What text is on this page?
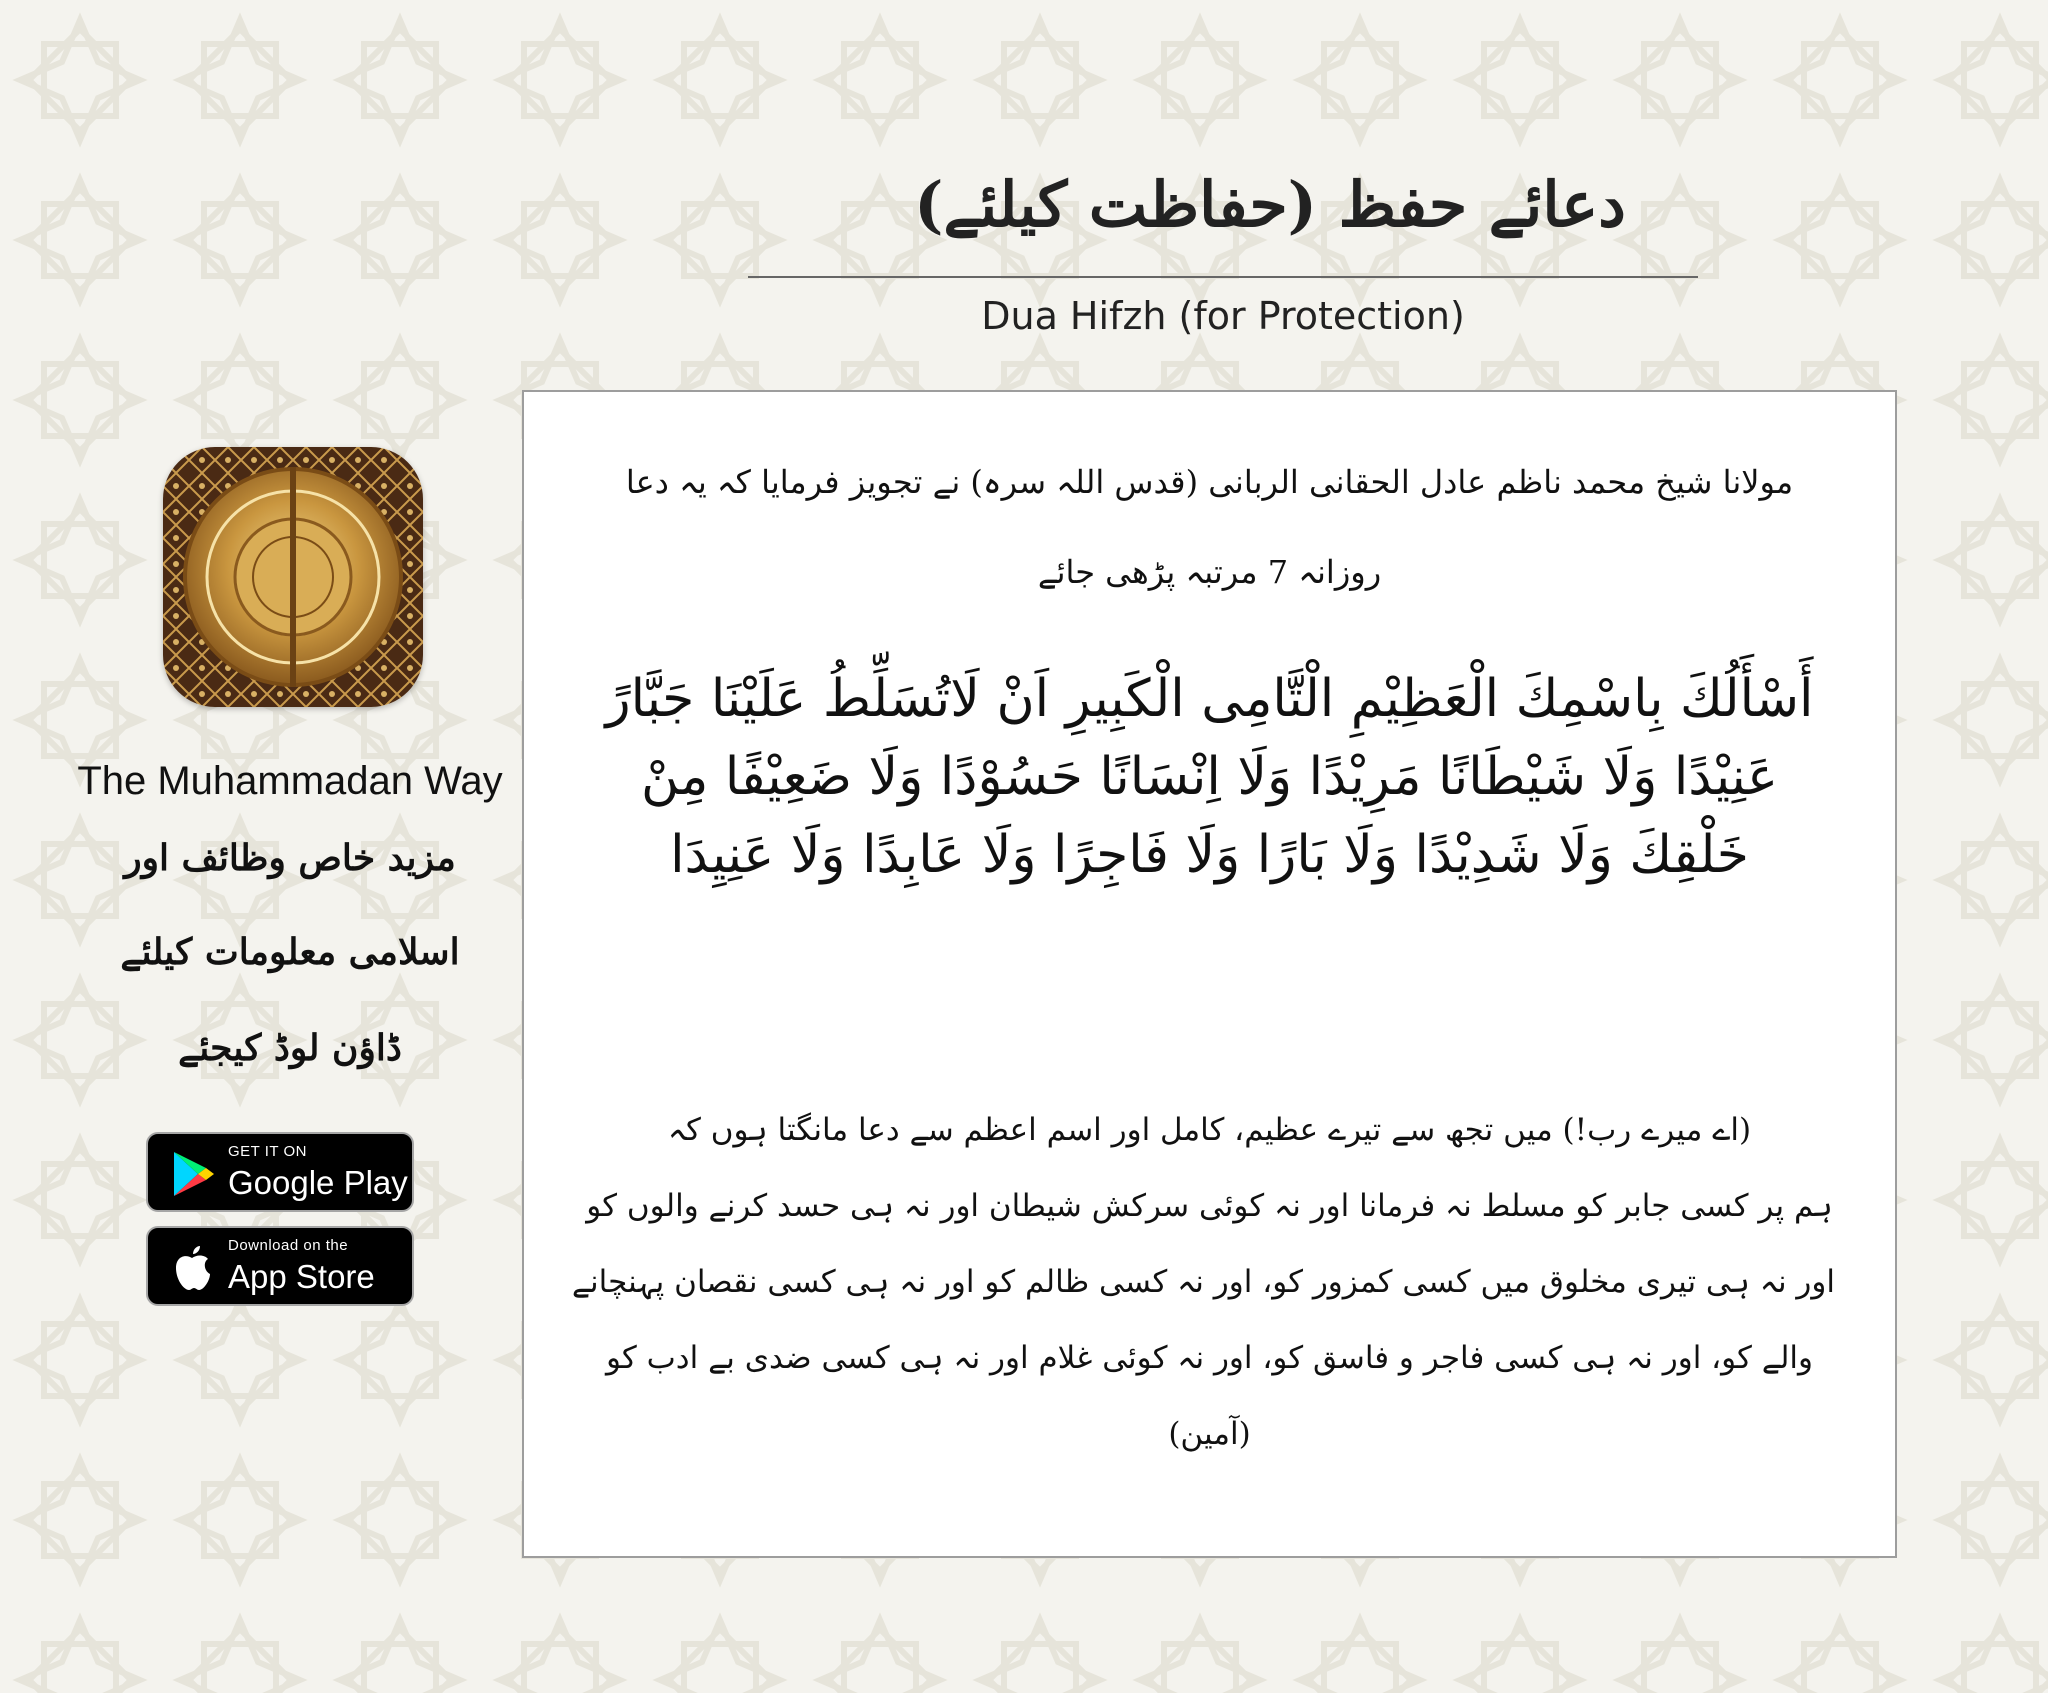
دعائے حفظ (حفاظت کیلئے)
Dua Hifzh (for Protection)
The Muhammadan Way
مزید خاص وظائف اور
اسلامی معلومات کیلئے
ڈاؤن لوڈ کیجئے
GET IT ON
Google Play
Download on the
App Store
مولانا شیخ محمد ناظم عادل الحقانی الربانی (قدس اللہ سرہ) نے تجویز فرمایا کہ یہ دعا
روزانہ 7 مرتبہ پڑھی جائے
أَسْأَلُكَ بِاسْمِكَ الْعَظِيْمِ الْتَّامِى الْكَبِيرِ اَنْ لَاتُسَلِّطُ عَلَيْنَا جَبَّارً عَنِيْدًا وَلَا شَيْطَانًا مَرِيْدًا وَلَا اِنْسَانًا حَسُوْدًا وَلَا ضَعِيْفًا مِنْ خَلْقِكَ وَلَا شَدِيْدًا وَلَا بَارًا وَلَا فَاجِرًا وَلَا عَابِدًا وَلَا عَنِيِدَا
(اے میرے رب!) میں تجھ سے تیرے عظیم، کامل اور اسم اعظم سے دعا مانگتا ہوں کہ
ہم پر کسی جابر کو مسلط نہ فرمانا اور نہ کوئی سرکش شیطان اور نہ ہی حسد کرنے والوں کو
اور نہ ہی تیری مخلوق میں کسی کمزور کو، اور نہ کسی ظالم کو اور نہ ہی کسی نقصان پہنچانے
والے کو، اور نہ ہی کسی فاجر و فاسق کو، اور نہ کوئی غلام اور نہ ہی کسی ضدی بے ادب کو
(آمین)
